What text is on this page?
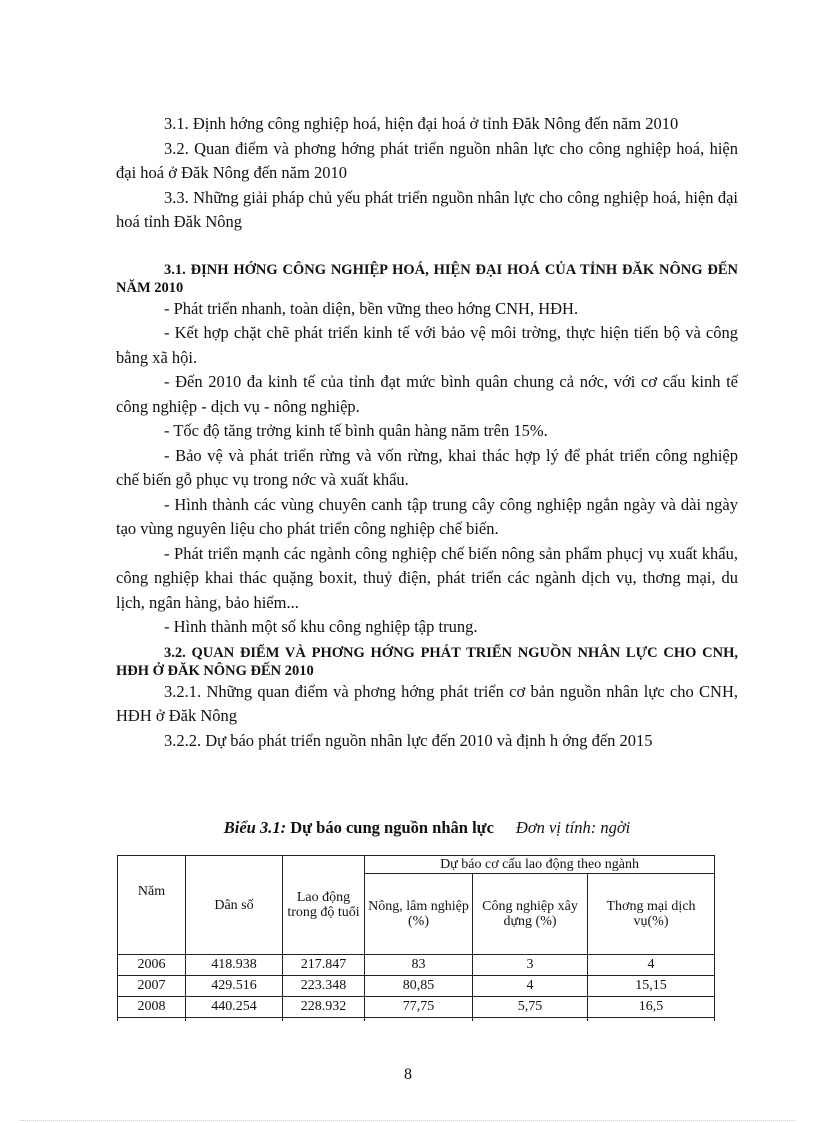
3.1. Định hớng công nghiệp hoá, hiện đại hoá ở tỉnh Đăk Nông đến năm 2010

3.2. Quan điểm và phơng hớng phát triển nguồn nhân lực cho công nghiệp hoá, hiện đại hoá ở Đăk Nông đến năm 2010

3.3. Những giải pháp chủ yếu phát triển nguồn nhân lực cho công nghiệp hoá, hiện đại hoá tỉnh Đăk Nông

3.1. ĐỊNH HỚNG CÔNG NGHIỆP HOÁ, HIỆN ĐẠI HOÁ CỦA TỈNH ĐĂK NÔNG ĐẾN NĂM 2010

- Phát triển nhanh, toàn diện, bền vững theo hớng CNH, HĐH.

- Kết hợp chặt chẽ phát triển kinh tế với bảo vệ môi trờng, thực hiện tiến bộ và công bằng xã hội.

- Đến 2010 đa kinh tế của tỉnh đạt mức bình quân chung cả nớc, với cơ cấu kinh tế công nghiệp - dịch vụ - nông nghiệp.

- Tốc độ tăng trởng kinh tế bình quân hàng năm trên 15%.

- Bảo vệ và phát triển rừng và vốn rừng, khai thác hợp lý để phát triển công nghiệp chế biến gỗ phục vụ trong nớc và xuất khẩu.

- Hình thành các vùng chuyên canh tập trung cây công nghiệp ngắn ngày và dài ngày tạo vùng nguyên liệu cho phát triển công nghiệp chế biến.

- Phát triển mạnh các ngành công nghiệp chế biến nông sản phẩm phụcj vụ xuất khẩu, công nghiệp khai thác quặng boxit, thuỷ điện, phát triển các ngành dịch vụ, thơng mại, du lịch, ngân hàng, bảo hiểm...

- Hình thành một số khu công nghiệp tập trung.

3.2. QUAN ĐIỂM VÀ PHƠNG HỚNG PHÁT TRIỂN NGUỒN NHÂN LỰC CHO CNH, HĐH Ở ĐĂK NÔNG ĐẾN 2010

3.2.1. Những quan điểm và phơng hớng phát triển cơ bản nguồn nhân lực cho CNH, HĐH ở Đăk Nông

3.2.2. Dự báo phát triển nguồn nhân lực đến 2010 và định h ớng đến 2015

Biểu 3.1: Dự báo cung nguồn nhân lực Đơn vị tính: ngời
Năm	Dân số	Lao động trong độ tuổi	Dự báo cơ cấu lao động theo ngành		
			Nông, lâm nghiệp (%)	Công nghiệp xây dựng (%)	Thơng mại dịch vụ(%)
2006	418.938	217.847	83	3	4
2007	429.516	223.348	80,85	4	15,15
2008	440.254	228.932	77,75	5,75	16,5

8
